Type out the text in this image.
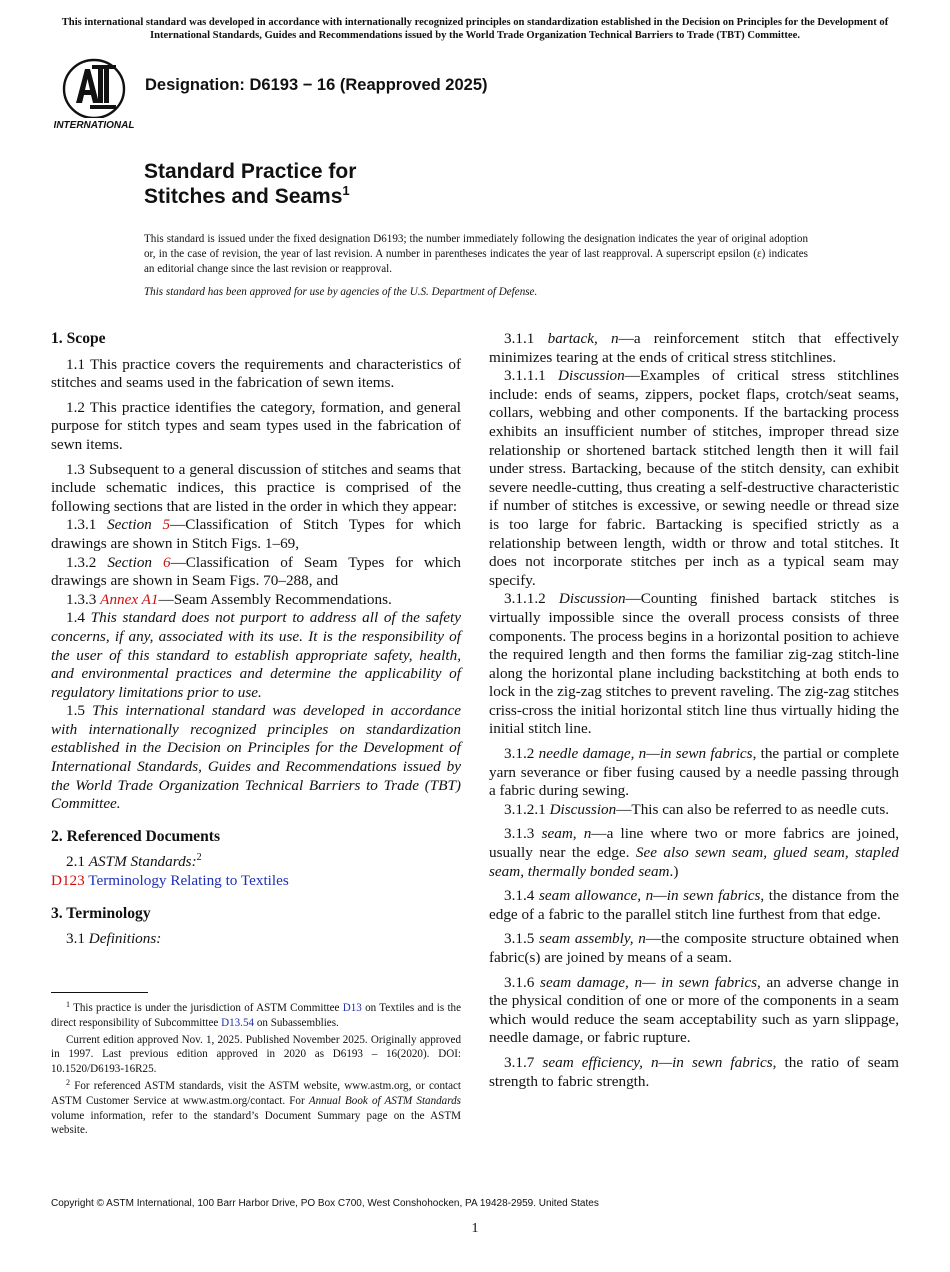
This international standard was developed in accordance with internationally recognized principles on standardization established in the Decision on Principles for the Development of International Standards, Guides and Recommendations issued by the World Trade Organization Technical Barriers to Trade (TBT) Committee.
INTERNATIONAL
Designation: D6193 − 16 (Reapproved 2025)
Standard Practice for
Stitches and Seams$^1$
This standard is issued under the fixed designation D6193; the number immediately following the designation indicates the year of original adoption or, in the case of revision, the year of last revision. A number in parentheses indicates the year of last reapproval. A superscript epsilon (ε) indicates an editorial change since the last revision or reapproval.
This standard has been approved for use by agencies of the U.S. Department of Defense.
1. Scope

1.1 This practice covers the requirements and characteristics of stitches and seams used in the fabrication of sewn items.

1.2 This practice identifies the category, formation, and general purpose for stitch types and seam types used in the fabrication of sewn items.

1.3 Subsequent to a general discussion of stitches and seams that include schematic indices, this practice is comprised of the following sections that are listed in the order in which they appear:

1.3.1 Section 5—Classification of Stitch Types for which drawings are shown in Stitch Figs. 1–69,

1.3.2 Section 6—Classification of Seam Types for which drawings are shown in Seam Figs. 70–288, and

1.3.3 Annex A1—Seam Assembly Recommendations.

1.4 This standard does not purport to address all of the safety concerns, if any, associated with its use. It is the responsibility of the user of this standard to establish appropriate safety, health, and environmental practices and determine the applicability of regulatory limitations prior to use.

1.5 This international standard was developed in accordance with internationally recognized principles on standardization established in the Decision on Principles for the Development of International Standards, Guides and Recommendations issued by the World Trade Organization Technical Barriers to Trade (TBT) Committee.

2. Referenced Documents

2.1 ASTM Standards:$^2$

D123 Terminology Relating to Textiles

3. Terminology

3.1 Definitions:

3.1.1 bartack, n—a reinforcement stitch that effectively minimizes tearing at the ends of critical stress stitchlines.

3.1.1.1 Discussion—Examples of critical stress stitchlines include: ends of seams, zippers, pocket flaps, crotch/seat seams, collars, webbing and other components. If the bartacking process exhibits an insufficient number of stitches, improper thread size relationship or shortened bartack stitched length then it will fail under stress. Bartacking, because of the stitch density, can exhibit severe needle-cutting, thus creating a self-destructive characteristic if number of stitches is excessive, or sewing needle or thread size is too large for fabric. Bartacking is specified strictly as a relationship between length, width or throw and total stitches. It does not incorporate stitches per inch as a typical seam may specify.

3.1.1.2 Discussion—Counting finished bartack stitches is virtually impossible since the overall process consists of three components. The process begins in a horizontal position to achieve the required length and then forms the familiar zig-zag stitch-line along the horizontal plane including backstitching at both ends to lock in the zig-zag stitches to prevent raveling. The zig-zag stitches criss-cross the initial horizontal stitch line thus virtually hiding the initial stitch line.

3.1.2 needle damage, n—in sewn fabrics, the partial or complete yarn severance or fiber fusing caused by a needle passing through a fabric during sewing.

3.1.2.1 Discussion—This can also be referred to as needle cuts.

3.1.3 seam, n—a line where two or more fabrics are joined, usually near the edge. See also sewn seam, glued seam, stapled seam, thermally bonded seam.)

3.1.4 seam allowance, n—in sewn fabrics, the distance from the edge of a fabric to the parallel stitch line furthest from that edge.

3.1.5 seam assembly, n—the composite structure obtained when fabric(s) are joined by means of a seam.

3.1.6 seam damage, n— in sewn fabrics, an adverse change in the physical condition of one or more of the components in a seam which would reduce the seam acceptability such as yarn slippage, needle damage, or fabric rupture.

3.1.7 seam efficiency, n—in sewn fabrics, the ratio of seam strength to fabric strength.

$^1$ This practice is under the jurisdiction of ASTM Committee D13 on Textiles and is the direct responsibility of Subcommittee D13.54 on Subassemblies.

Current edition approved Nov. 1, 2025. Published November 2025. Originally approved in 1997. Last previous edition approved in 2020 as D6193 – 16(2020). DOI: 10.1520/D6193-16R25.

$^2$ For referenced ASTM standards, visit the ASTM website, www.astm.org, or contact ASTM Customer Service at www.astm.org/contact. For Annual Book of ASTM Standards volume information, refer to the standard’s Document Summary page on the ASTM website.

Copyright © ASTM International, 100 Barr Harbor Drive, PO Box C700, West Conshohocken, PA 19428-2959. United States
1
